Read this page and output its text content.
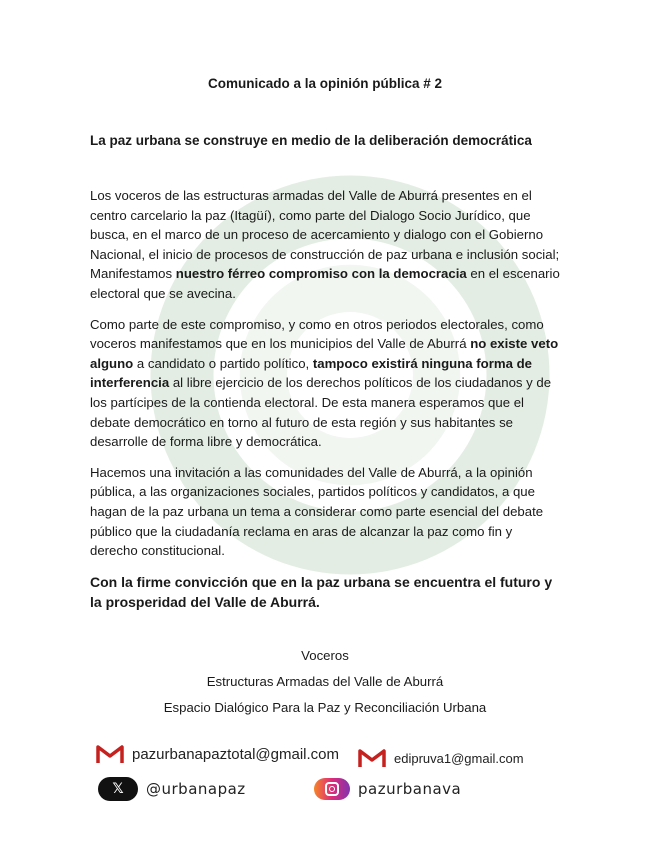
Comunicado a la opinión pública # 2
La paz urbana se construye en medio de la deliberación democrática

Los voceros de las estructuras armadas del Valle de Aburrá presentes en el centro carcelario la paz (Itagüí), como parte del Dialogo Socio Jurídico, que busca, en el marco de un proceso de acercamiento y dialogo con el Gobierno Nacional, el inicio de procesos de construcción de paz urbana e inclusión social; Manifestamos nuestro férreo compromiso con la democracia en el escenario electoral que se avecina.

Como parte de este compromiso, y como en otros periodos electorales, como voceros manifestamos que en los municipios del Valle de Aburrá no existe veto alguno a candidato o partido político, tampoco existirá ninguna forma de interferencia al libre ejercicio de los derechos políticos de los ciudadanos y de los partícipes de la contienda electoral. De esta manera esperamos que el debate democrático en torno al futuro de esta región y sus habitantes se desarrolle de forma libre y democrática.

Hacemos una invitación a las comunidades del Valle de Aburrá, a la opinión pública, a las organizaciones sociales, partidos políticos y candidatos, a que hagan de la paz urbana un tema a considerar como parte esencial del debate público que la ciudadanía reclama en aras de alcanzar la paz como fin y derecho constitucional.

Con la firme convicción que en la paz urbana se encuentra el futuro y la prosperidad del Valle de Aburrá.

Voceros
Estructuras Armadas del Valle de Aburrá
Espacio Dialógico Para la Paz y Reconciliación Urbana
pazurbanapaztotal@gmail.com	edipruva1@gmail.com
𝕏	@urbanapaz	pazurbanava
